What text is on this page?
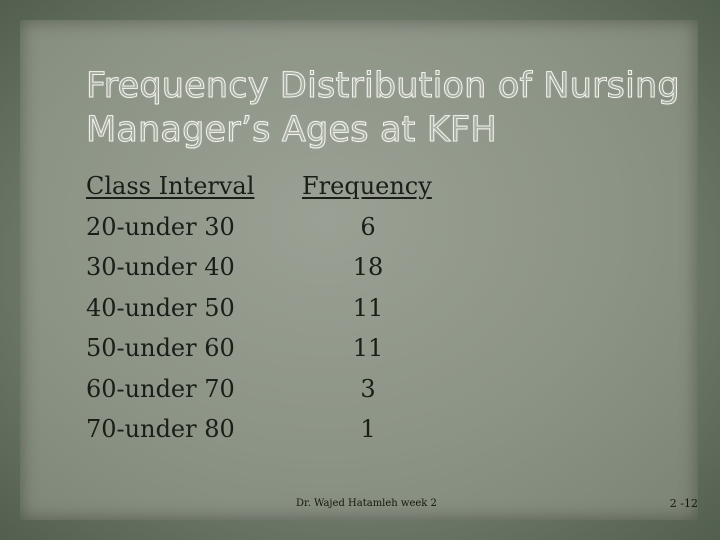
Frequency Distribution of Nursing
Manager’s Ages at KFH
Class Interval Frequency
20-under 30	6
30-under 40	18
40-under 50	11
50-under 60	11
60-under 70	3
70-under 80	1
Dr. Wajed Hatamleh week 2	2 -12
